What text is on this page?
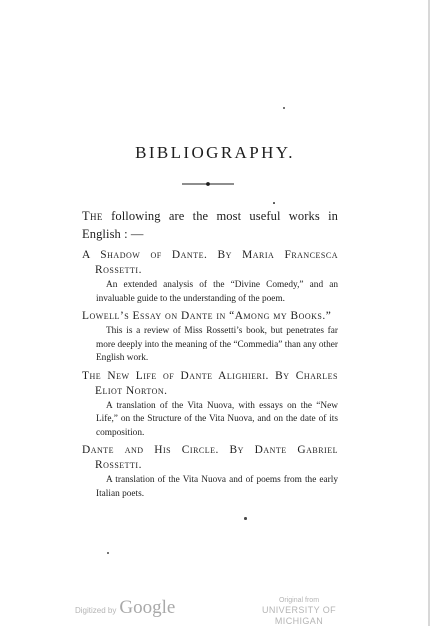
BIBLIOGRAPHY.
The following are the most useful works in English : —
A Shadow of Dante. By Maria Francesca Rossetti.
An extended analysis of the “Divine Comedy,” and an invaluable guide to the understanding of the poem.
Lowell’s Essay on Dante in “Among my Books.”
This is a review of Miss Rossetti’s book, but penetrates far more deeply into the meaning of the “Commedia” than any other English work.
The New Life of Dante Alighieri. By Charles Eliot Norton.
A translation of the Vita Nuova, with essays on the “New Life,” on the Structure of the Vita Nuova, and on the date of its composition.
Dante and His Circle. By Dante Gabriel Rossetti.
A translation of the Vita Nuova and of poems from the early Italian poets.
Digitized by Google	Original from
UNIVERSITY OF MICHIGAN
